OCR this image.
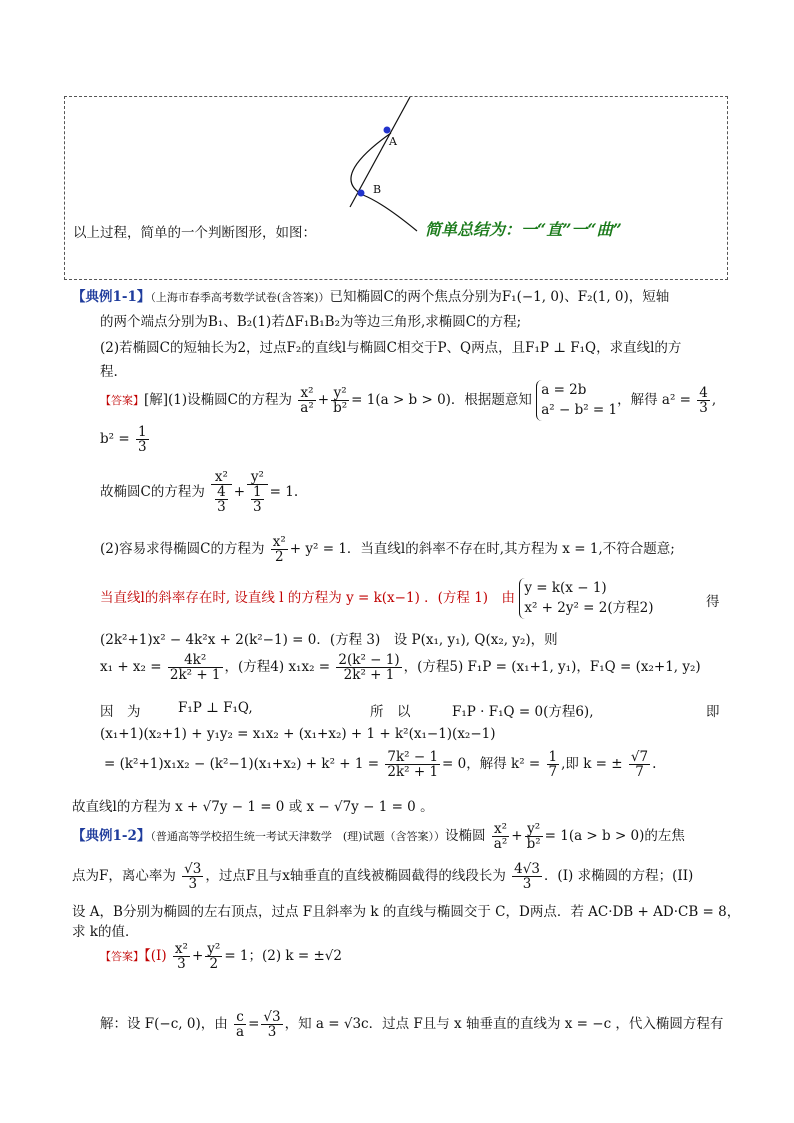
A
B
以上过程，简单的一个判断图形，如图：	简单总结为：一“直”一“曲”
【典例1-1】（上海市春季高考数学试卷(含答案)）已知椭圆C的两个焦点分别为F₁(−1, 0)、F₂(1, 0)，短轴
的两个端点分别为B₁、B₂(1)若ΔF₁B₁B₂为等边三角形,求椭圆C的方程;
(2)若椭圆C的短轴长为2，过点F₂的直线l与椭圆C相交于P、Q两点，且F₁P ⊥ F₁Q，求直线l的方
程.
【答案】[解](1)设椭圆C的方程为 $\frac{\text{x²}}{\text{a²}} + \frac{\text{y²}}{\text{b²}} = 1(a > b > 0)$．根据题意知
a = 2b
a² − b² = 1
，解得 $a^2 = \frac{4}{3}$ ,
$b^2 = \frac{1}{3}$
故椭圆C的方程为 $\frac{\text{x²}}{\frac{4}{3}} + \frac{\text{y²}}{\frac{1}{3}} = 1$.
(2)容易求得椭圆C的方程为 $\frac{\text{x²}}{2} + y^2 = 1$．当直线l的斜率不存在时,其方程为 x = 1,不符合题意;
当直线l的斜率存在时, 设直线 l 的方程为 y = k(x−1) ．(方程 1)　由
y = k(x − 1)
x² + 2y² = 2(方程2)	得
(2k²+1)x² − 4k²x + 2(k²−1) = 0．(方程 3)　设 P(x₁, y₁), Q(x₂, y₂)，则
$x_1 + x_2 = \frac{\text{4k²}}{\text{2k² + 1}}$ ，(方程4) $x_1x_2 = \frac{\text{2(k² − 1)}}{\text{2k² + 1}}$ ，(方程5) F₁P = (x₁+1, y₁)，F₁Q = (x₂+1, y₂)
因　为	F₁P ⊥ F₁Q,	所　以	F₁P · F₁Q = 0(方程6),	即
(x₁+1)(x₂+1) + y₁y₂ = x₁x₂ + (x₁+x₂) + 1 + k²(x₁−1)(x₂−1)
= $(k^2+1)x_1x_2 - (k^2-1)(x_1+x_2) + k^2 + 1 = \frac{\text{7k² − 1}}{\text{2k² + 1}} = 0$，解得 $k^2 = \frac{1}{7}$ ,即 k = ± $\frac{√7}{7}$ .
故直线l的方程为 x + √7y − 1 = 0 或 x − √7y − 1 = 0 。
【典例1-2】（普通高等学校招生统一考试天津数学　(理)试题（含答案））设椭圆 $\frac{\text{x²}}{\text{a²}} + \frac{\text{y²}}{\text{b²}} = 1(a > b > 0)$的左焦
点为F，离心率为 $\frac{√3}{3}$ ，过点F且与x轴垂直的直线被椭圆截得的线段长为 $\frac{4√3}{3}$ ．(I) 求椭圆的方程；(II)
设 A，B分别为椭圆的左右顶点，过点 F且斜率为 k 的直线与椭圆交于 C，D两点．若 AC·DB + AD·CB = 8，
求 k的值．
【答案】【$(I) \frac{\text{x²}}{3} + \frac{\text{y²}}{2} = 1$；(2) k = ±√2
解：设 F(−c, 0)，由 $\frac{c}{a} = \frac{√3}{3}$ ，知 a = √3c．过点 F且与 x 轴垂直的直线为 x = −c ，代入椭圆方程有
